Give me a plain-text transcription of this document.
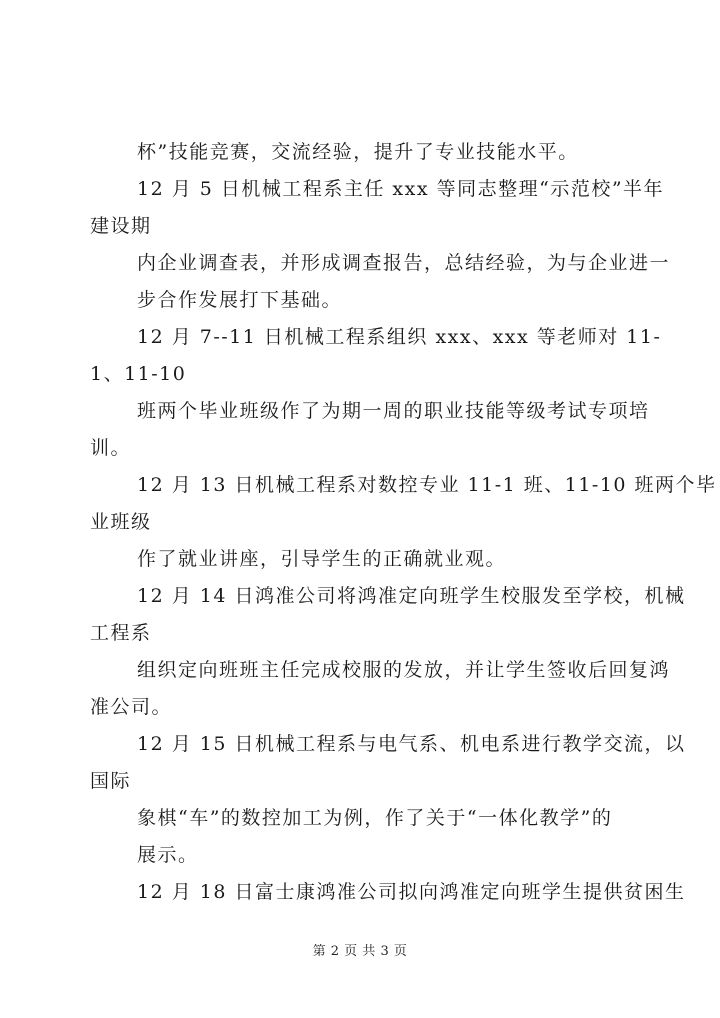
杯”技能竞赛，交流经验，提升了专业技能水平。
12 月 5 日机械工程系主任 xxx 等同志整理“示范校”半年
建设期
内企业调查表，并形成调查报告，总结经验，为与企业进一
步合作发展打下基础。
12 月 7--11 日机械工程系组织 xxx、xxx 等老师对 11-
1、11-10
班两个毕业班级作了为期一周的职业技能等级考试专项培
训。
12 月 13 日机械工程系对数控专业 11-1 班、11-10 班两个毕
业班级
作了就业讲座，引导学生的正确就业观。
12 月 14 日鸿准公司将鸿准定向班学生校服发至学校，机械
工程系
组织定向班班主任完成校服的发放，并让学生签收后回复鸿
准公司。
12 月 15 日机械工程系与电气系、机电系进行教学交流，以
国际
象棋“车”的数控加工为例，作了关于“一体化教学”的
展示。
12 月 18 日富士康鸿准公司拟向鸿准定向班学生提供贫困生
第 2 页 共 3 页
